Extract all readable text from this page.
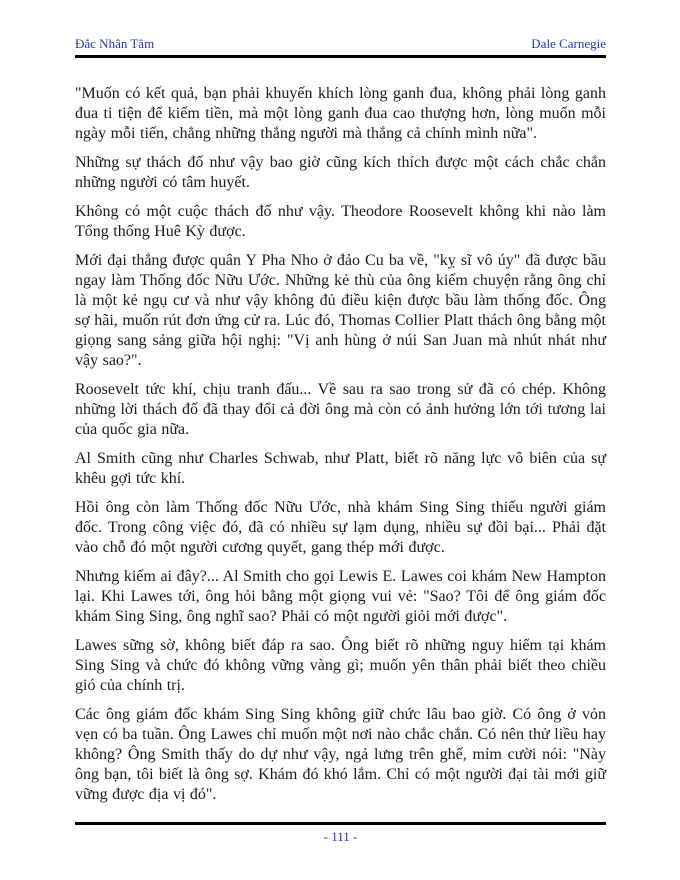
Đắc Nhân Tâm	Dale Carnegie

"Muốn có kết quả, bạn phải khuyến khích lòng ganh đua, không phải lòng ganh đua ti tiện để kiếm tiền, mà một lòng ganh đua cao thượng hơn, lòng muốn mỗi ngày mỗi tiến, chẳng những thắng người mà thắng cả chính mình nữa".

Những sự thách đố như vậy bao giờ cũng kích thích được một cách chắc chắn những người có tâm huyết.

Không có một cuộc thách đố như vậy. Theodore Roosevelt không khi nào làm Tổng thống Huê Kỳ được.

Mới đại thắng được quân Y Pha Nho ở đảo Cu ba về, "kỵ sĩ vô úy" đã được bầu ngay làm Thống đốc Nữu Ước. Những kẻ thù của ông kiếm chuyện rằng ông chỉ là một kẻ ngụ cư và như vậy không đủ điều kiện được bầu làm thống đốc. Ông sợ hãi, muốn rút đơn ứng cử ra. Lúc đó, Thomas Collier Platt thách ông bằng một giọng sang sảng giữa hội nghị: "Vị anh hùng ở núi San Juan mà nhút nhát như vậy sao?".

Roosevelt tức khí, chịu tranh đấu... Về sau ra sao trong sử đã có chép. Không những lời thách đố đã thay đổi cả đời ông mà còn có ảnh hưởng lớn tới tương lai của quốc gia nữa.

Al Smith cũng như Charles Schwab, như Platt, biết rõ năng lực vô biên của sự khêu gợi tức khí.

Hồi ông còn làm Thống đốc Nữu Ước, nhà khám Sing Sing thiếu người giám đốc. Trong công việc đó, đã có nhiều sự lạm dụng, nhiều sự đồi bại... Phải đặt vào chỗ đó một người cương quyết, gang thép mới được.

Nhưng kiếm ai đây?... Al Smith cho gọi Lewis E. Lawes coi khám New Hampton lại. Khi Lawes tới, ông hỏi bằng một giọng vui vẻ: "Sao? Tôi để ông giám đốc khám Sing Sing, ông nghĩ sao? Phải có một người giỏi mới được".

Lawes sững sờ, không biết đáp ra sao. Ông biết rõ những nguy hiểm tại khám Sing Sing và chức đó không vững vàng gì; muốn yên thân phải biết theo chiều gió của chính trị.

Các ông giám đốc khám Sing Sing không giữ chức lâu bao giờ. Có ông ở vỏn vẹn có ba tuần. Ông Lawes chỉ muốn một nơi nào chắc chắn. Có nên thử liều hay không? Ông Smith thấy do dự như vậy, ngả lưng trên ghế, mỉm cười nói: "Này ông bạn, tôi biết là ông sợ. Khám đó khó lắm. Chỉ có một người đại tài mới giữ vững được địa vị đó".

- 111 -
